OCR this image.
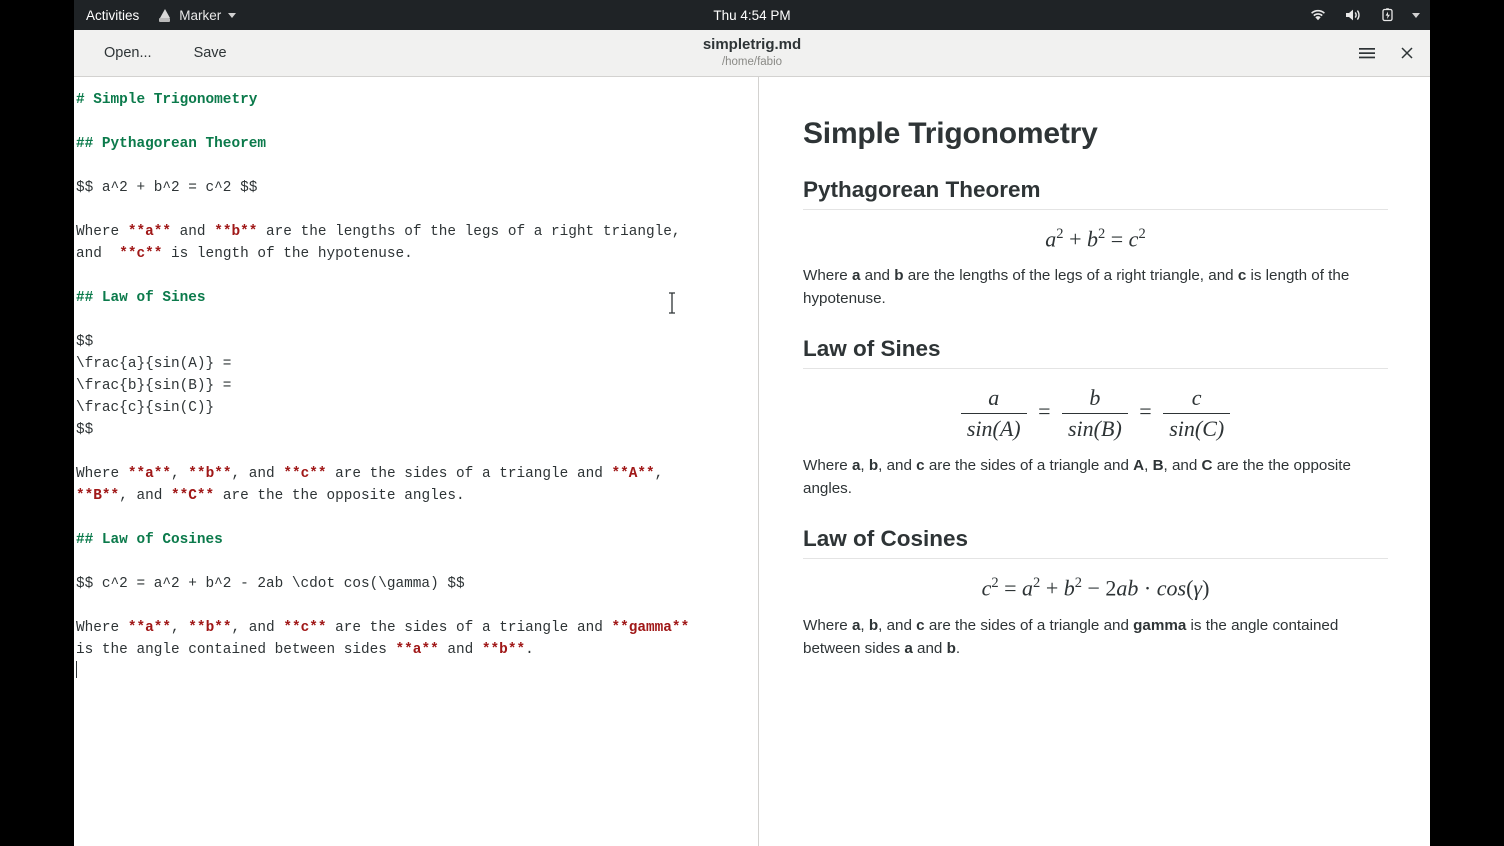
Activities	Marker	Thu 4:54 PM
Open...	Save	simpletrig.md
/home/fabio
# Simple Trigonometry

## Pythagorean Theorem

$$ a^2 + b^2 = c^2 $$

Where **a** and **b** are the lengths of the legs of a right triangle,
and  **c** is length of the hypotenuse.

## Law of Sines

$$
\frac{a}{sin(A)} =
\frac{b}{sin(B)} =
\frac{c}{sin(C)}
$$

Where **a**, **b**, and **c** are the sides of a triangle and **A**,
**B**, and **C** are the the opposite angles.

## Law of Cosines

$$ c^2 = a^2 + b^2 - 2ab \cdot cos(\gamma) $$

Where **a**, **b**, and **c** are the sides of a triangle and **gamma**
is the angle contained between sides **a** and **b**.
Simple Trigonometry
Pythagorean Theorem
$a^2 + b^2 = c^2$

Where a and b are the lengths of the legs of a right triangle, and c is length of the hypotenuse.

Law of Sines
$\frac{a}{\sin(A)} = \frac{b}{\sin(B)} = \frac{c}{\sin(C)}$

Where a, b, and c are the sides of a triangle and A, B, and C are the the opposite angles.

Law of Cosines
$c^2 = a^2 + b^2 - 2ab \cdot \cos(\gamma)$

Where a, b, and c are the sides of a triangle and gamma is the angle contained between sides a and b.
